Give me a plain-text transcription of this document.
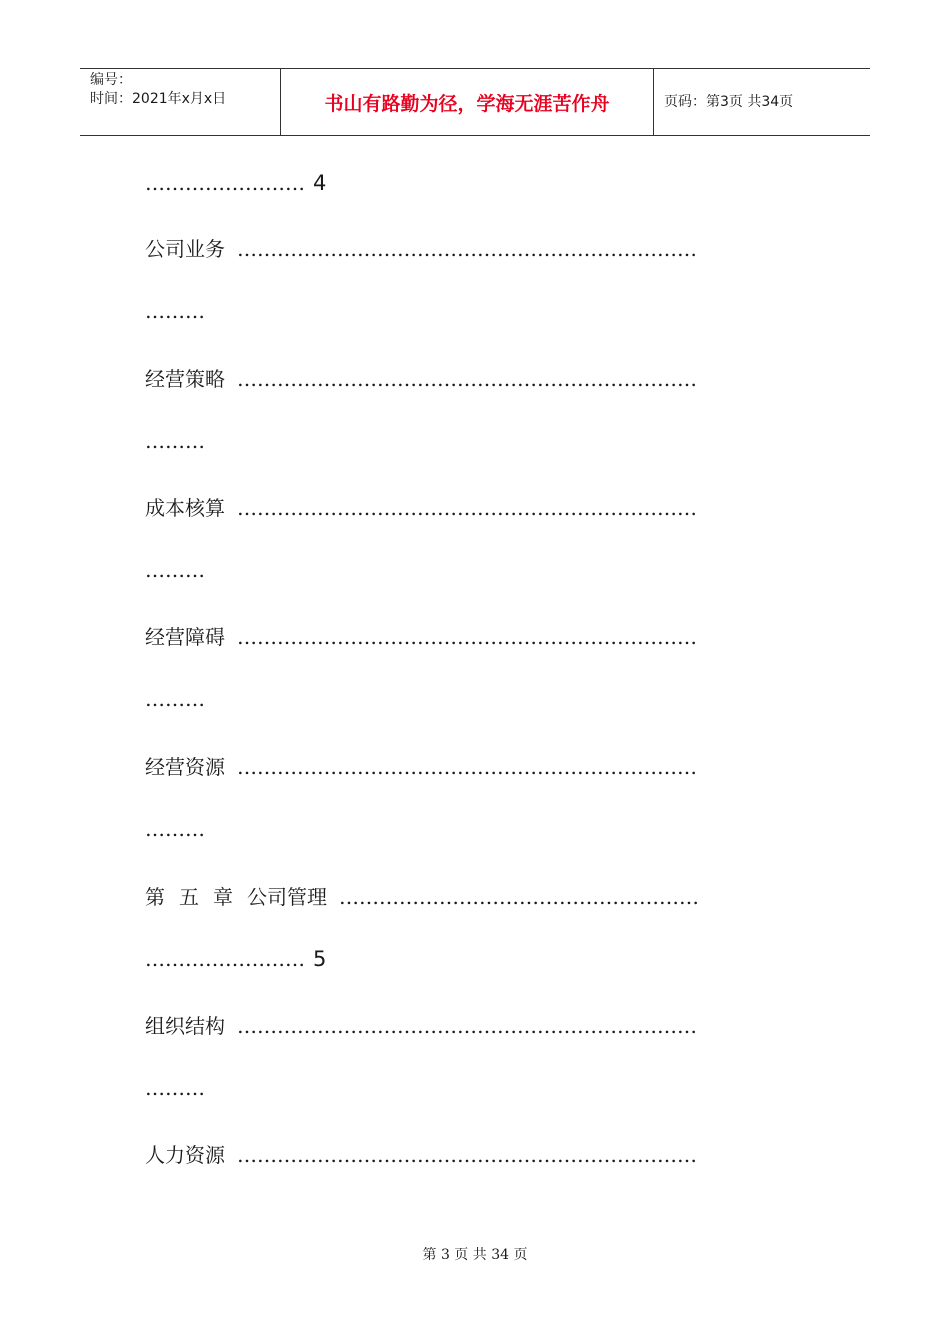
编号：
时间：2021年x月x日	书山有路勤为径，学海无涯苦作舟	页码：第3页 共34页
…………………… 4
公司业务 ……………………………………………………………
………
经营策略 ……………………………………………………………
………
成本核算 ……………………………………………………………
………
经营障碍 ……………………………………………………………
………
经营资源 ……………………………………………………………
………
第 五 章 公司管理 ………………………………………………
…………………… 5
组织结构 ……………………………………………………………
………
人力资源 ……………………………………………………………
第 3 页 共 34 页
